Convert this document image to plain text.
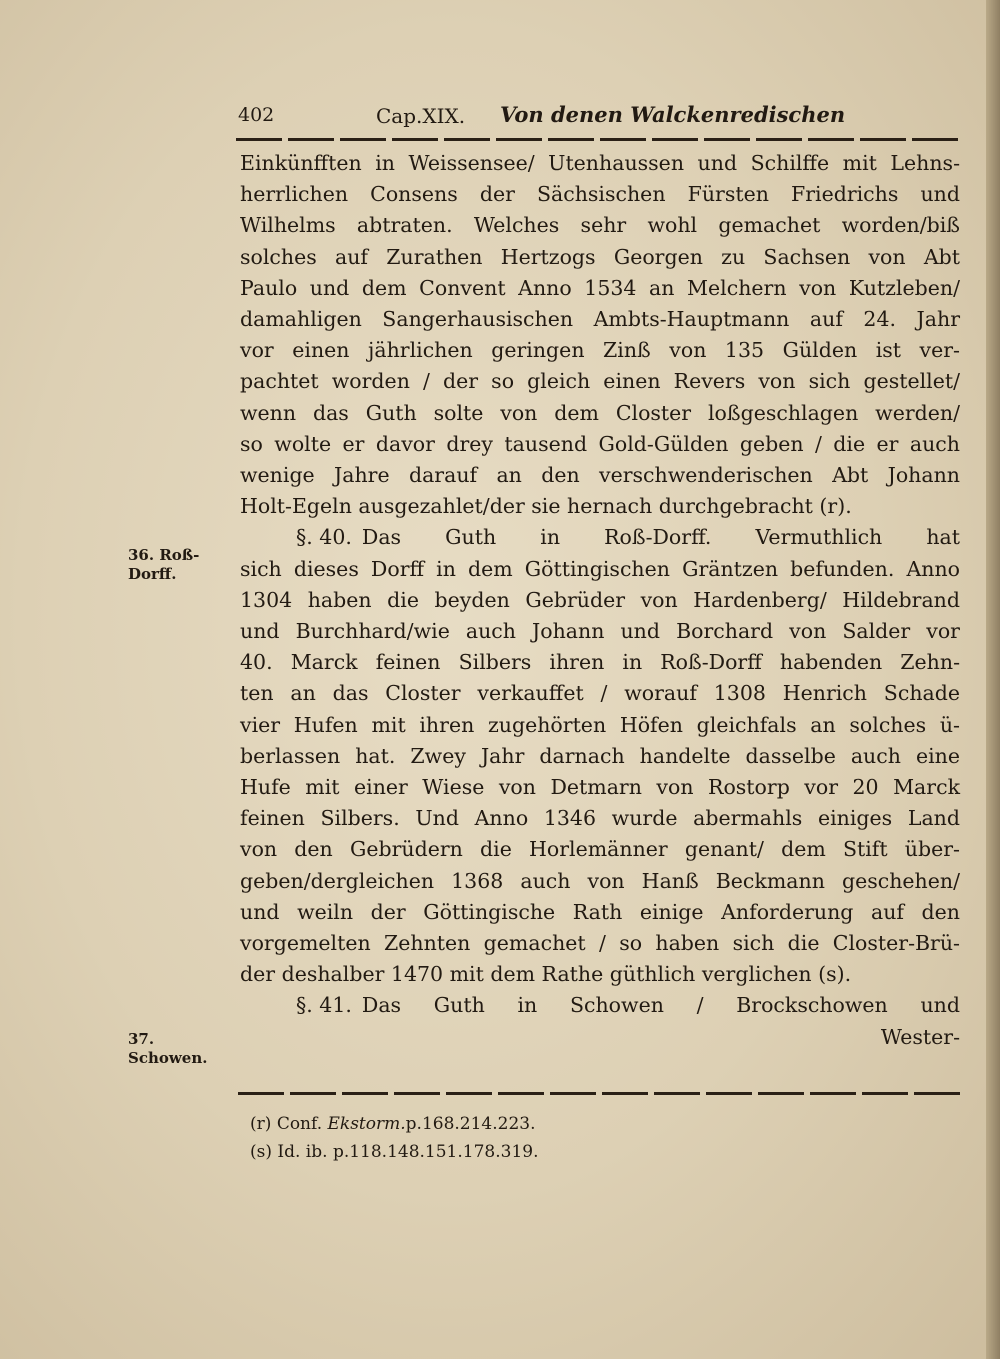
402	Cap.XIX. Von denen Walckenredischen
36. Roß-Dorff.
37. Schowen.
Einkünfften in Weissensee/ Utenhaussen und Schilffe mit Lehns-
herrlichen Consens der Sächsischen Fürsten Friedrichs und
Wilhelms abtraten. Welches sehr wohl gemachet worden/biß
solches auf Zurathen Hertzogs Georgen zu Sachsen von Abt
Paulo und dem Convent Anno 1534 an Melchern von Kutzleben/
damahligen Sangerhausischen Ambts-Hauptmann auf 24. Jahr
vor einen jährlichen geringen Zinß von 135 Gülden ist ver-
pachtet worden / der so gleich einen Revers von sich gestellet/
wenn das Guth solte von dem Closter loßgeschlagen werden/
so wolte er davor drey tausend Gold-Gülden geben / die er auch
wenige Jahre darauf an den verschwenderischen Abt Johann
Holt-Egeln ausgezahlet/der sie hernach durchgebracht (r).
§. 40. Das Guth in Roß-Dorff. Vermuthlich hat
sich dieses Dorff in dem Göttingischen Gräntzen befunden. Anno
1304 haben die beyden Gebrüder von Hardenberg/ Hildebrand
und Burchhard/wie auch Johann und Borchard von Salder vor
40. Marck feinen Silbers ihren in Roß-Dorff habenden Zehn-
ten an das Closter verkauffet / worauf 1308 Henrich Schade
vier Hufen mit ihren zugehörten Höfen gleichfals an solches ü-
berlassen hat. Zwey Jahr darnach handelte dasselbe auch eine
Hufe mit einer Wiese von Detmarn von Rostorp vor 20 Marck
feinen Silbers. Und Anno 1346 wurde abermahls einiges Land
von den Gebrüdern die Horlemänner genant/ dem Stift über-
geben/dergleichen 1368 auch von Hanß Beckmann geschehen/
und weiln der Göttingische Rath einige Anforderung auf den
vorgemelten Zehnten gemachet / so haben sich die Closter-Brü-
der deshalber 1470 mit dem Rathe güthlich verglichen (s).
§. 41. Das Guth in Schowen / Brockschowen und
Wester-
(r) Conf. Ekstorm.p.168.214.223.
(s) Id. ib. p.118.148.151.178.319.
